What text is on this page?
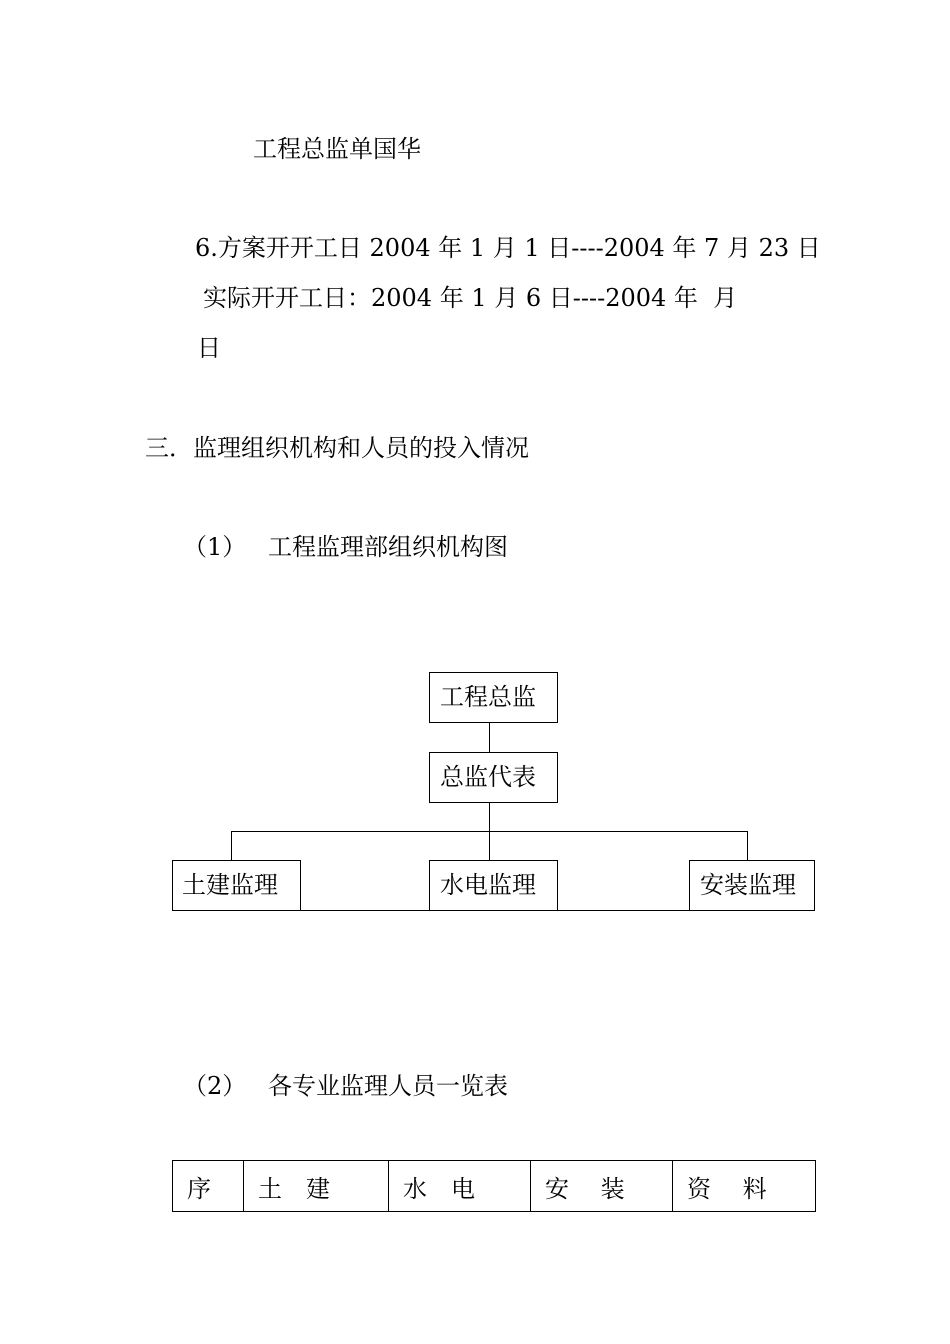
工程总监单国华
6.方案开开工日 2004 年 1 月 1 日----2004 年 7 月 23 日
实际开开工日：2004 年 1 月 6 日----2004 年  月
日
三．监理组织机构和人员的投入情况
（1） 工程监理部组织机构图
工程总监
总监代表
土建监理	水电监理	安装监理
（2） 各专业监理人员一览表
序	土　建	水　电	安　 装	资　 料
